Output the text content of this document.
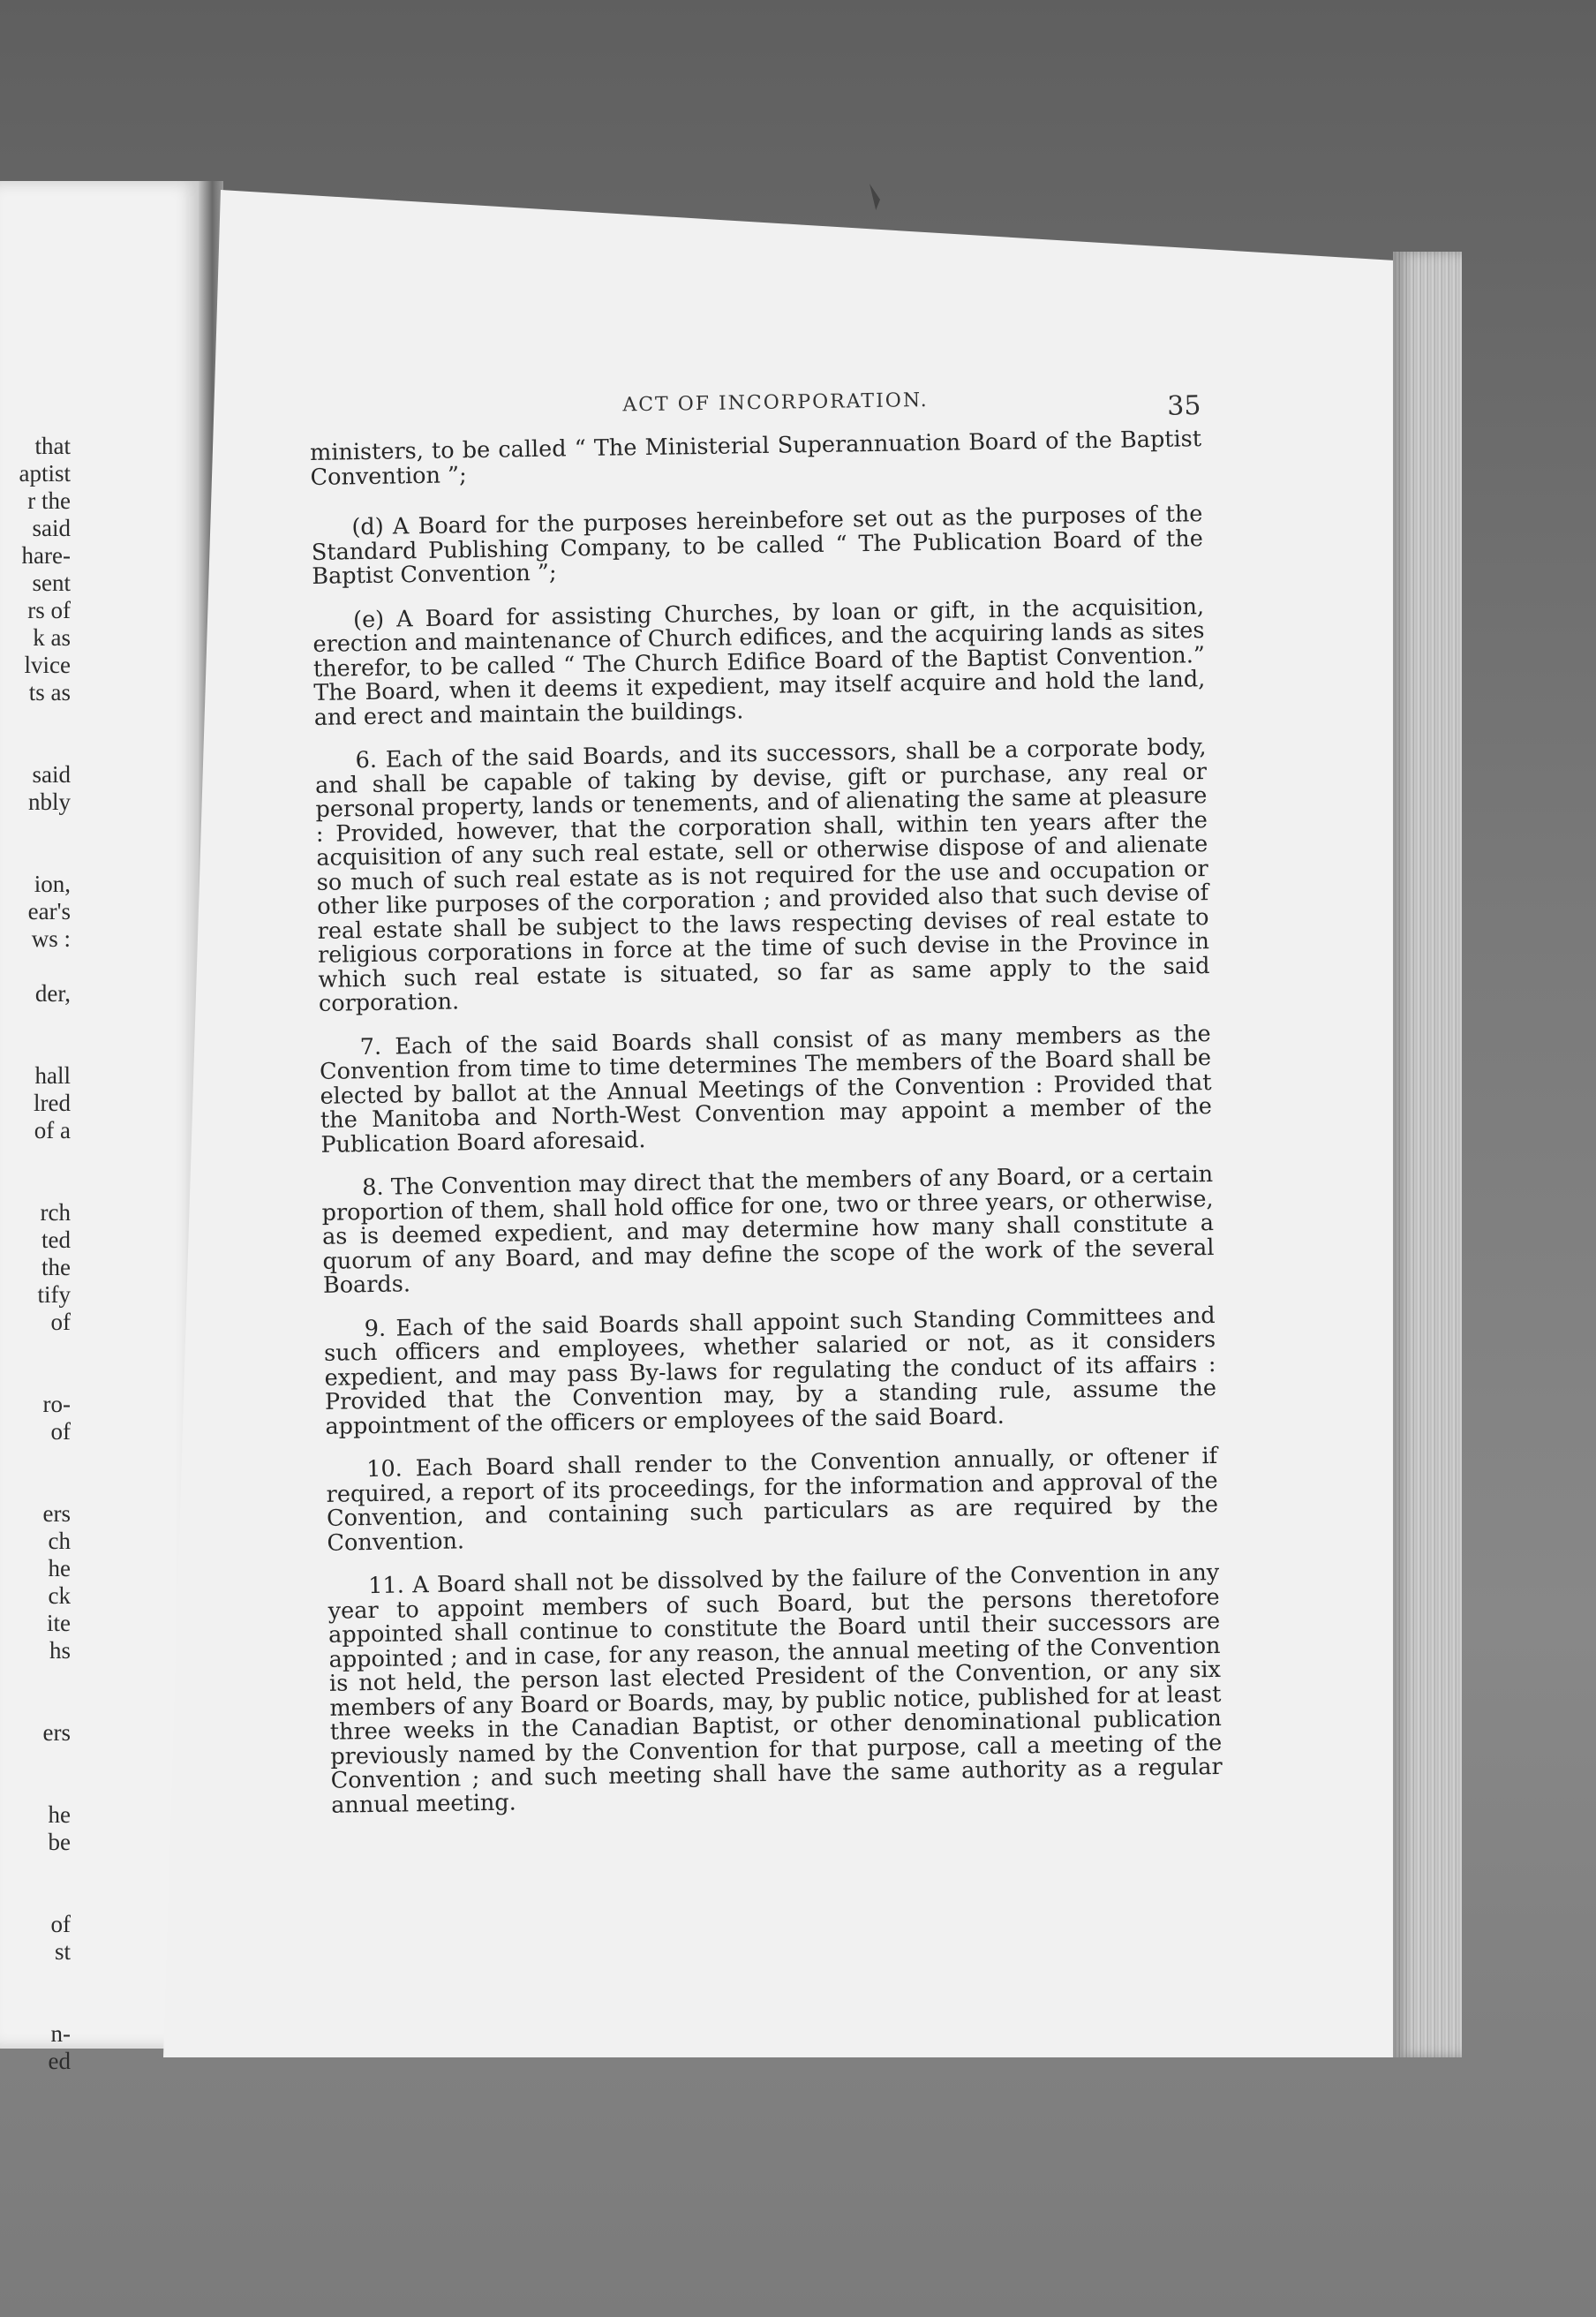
that
aptist
r the
said
hare-
sent
rs of
k as
lvice
ts as
said
nbly
ion,
ear's
ws :
der,
hall
lred
of a
rch
ted
the
tify
of
ro-
of
ers
ch
he
ck
ite
hs
ers
he
be
of
st
n-
ed
ACT OF INCORPORATION.	35

ministers, to be called “ The Ministerial Superannuation Board of the Baptist Convention ”;

(d) A Board for the purposes hereinbefore set out as the purposes of the Standard Publishing Company, to be called “ The Publication Board of the Baptist Convention ”;

(e) A Board for assisting Churches, by loan or gift, in the acquisition, erection and maintenance of Church edifices, and the acquiring lands as sites therefor, to be called “ The Church Edifice Board of the Baptist Convention.” The Board, when it deems it expedient, may itself acquire and hold the land, and erect and maintain the buildings.

6. Each of the said Boards, and its successors, shall be a corporate body, and shall be capable of taking by devise, gift or purchase, any real or personal property, lands or tenements, and of alienating the same at pleasure : Provided, however, that the corporation shall, within ten years after the acquisition of any such real estate, sell or otherwise dispose of and alienate so much of such real estate as is not required for the use and occupation or other like purposes of the corporation ; and provided also that such devise of real estate shall be subject to the laws respecting devises of real estate to religious corporations in force at the time of such devise in the Province in which such real estate is situated, so far as same apply to the said corporation.

7. Each of the said Boards shall consist of as many members as the Convention from time to time determines The members of the Board shall be elected by ballot at the Annual Meetings of the Convention : Provided that the Manitoba and North-West Convention may appoint a member of the Publication Board aforesaid.

8. The Convention may direct that the members of any Board, or a certain proportion of them, shall hold office for one, two or three years, or otherwise, as is deemed expedient, and may determine how many shall constitute a quorum of any Board, and may define the scope of the work of the several Boards.

9. Each of the said Boards shall appoint such Standing Committees and such officers and employees, whether salaried or not, as it considers expedient, and may pass By-laws for regulating the conduct of its affairs : Provided that the Convention may, by a standing rule, assume the appointment of the officers or employees of the said Board.

10. Each Board shall render to the Convention annually, or oftener if required, a report of its proceedings, for the information and approval of the Convention, and containing such particulars as are required by the Convention.

11. A Board shall not be dissolved by the failure of the Convention in any year to appoint members of such Board, but the persons theretofore appointed shall continue to constitute the Board until their successors are appointed ; and in case, for any reason, the annual meeting of the Convention is not held, the person last elected President of the Convention, or any six members of any Board or Boards, may, by public notice, published for at least three weeks in the Canadian Baptist, or other denominational publication previously named by the Convention for that purpose, call a meeting of the Convention ; and such meeting shall have the same authority as a regular annual meeting.
